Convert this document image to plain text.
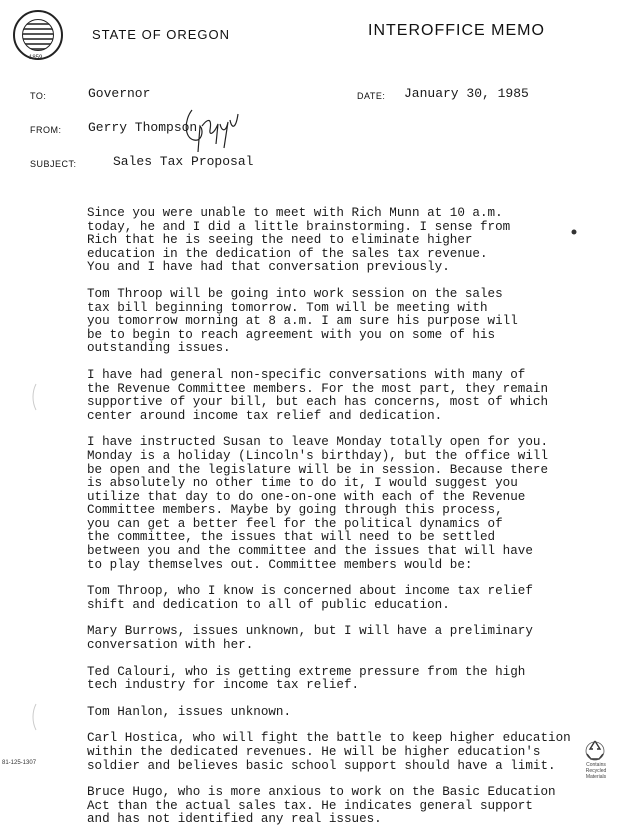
1859
STATE OF OREGON	INTEROFFICE MEMO
TO:	Governor	DATE: January 30, 1985
FROM: Gerry Thompson
SUBJECT:	Sales Tax Proposal

Since you were unable to meet with Rich Munn at 10 a.m.
today, he and I did a little brainstorming. I sense from
Rich that he is seeing the need to eliminate higher
education in the dedication of the sales tax revenue.
You and I have had that conversation previously.

Tom Throop will be going into work session on the sales
tax bill beginning tomorrow. Tom will be meeting with
you tomorrow morning at 8 a.m. I am sure his purpose will
be to begin to reach agreement with you on some of his
outstanding issues.

I have had general non-specific conversations with many of
the Revenue Committee members. For the most part, they remain
supportive of your bill, but each has concerns, most of which
center around income tax relief and dedication.

I have instructed Susan to leave Monday totally open for you.
Monday is a holiday (Lincoln's birthday), but the office will
be open and the legislature will be in session. Because there
is absolutely no other time to do it, I would suggest you
utilize that day to do one-on-one with each of the Revenue
Committee members. Maybe by going through this process,
you can get a better feel for the political dynamics of
the committee, the issues that will need to be settled
between you and the committee and the issues that will have
to play themselves out. Committee members would be:

Tom Throop, who I know is concerned about income tax relief
shift and dedication to all of public education.

Mary Burrows, issues unknown, but I will have a preliminary
conversation with her.

Ted Calouri, who is getting extreme pressure from the high
tech industry for income tax relief.

Tom Hanlon, issues unknown.

Carl Hostica, who will fight the battle to keep higher education
within the dedicated revenues. He will be higher education's
soldier and believes basic school support should have a limit.

Bruce Hugo, who is more anxious to work on the Basic Education
Act than the actual sales tax. He indicates general support
and has not identified any real issues.

81-125-1307	Contains Recycled Materials
